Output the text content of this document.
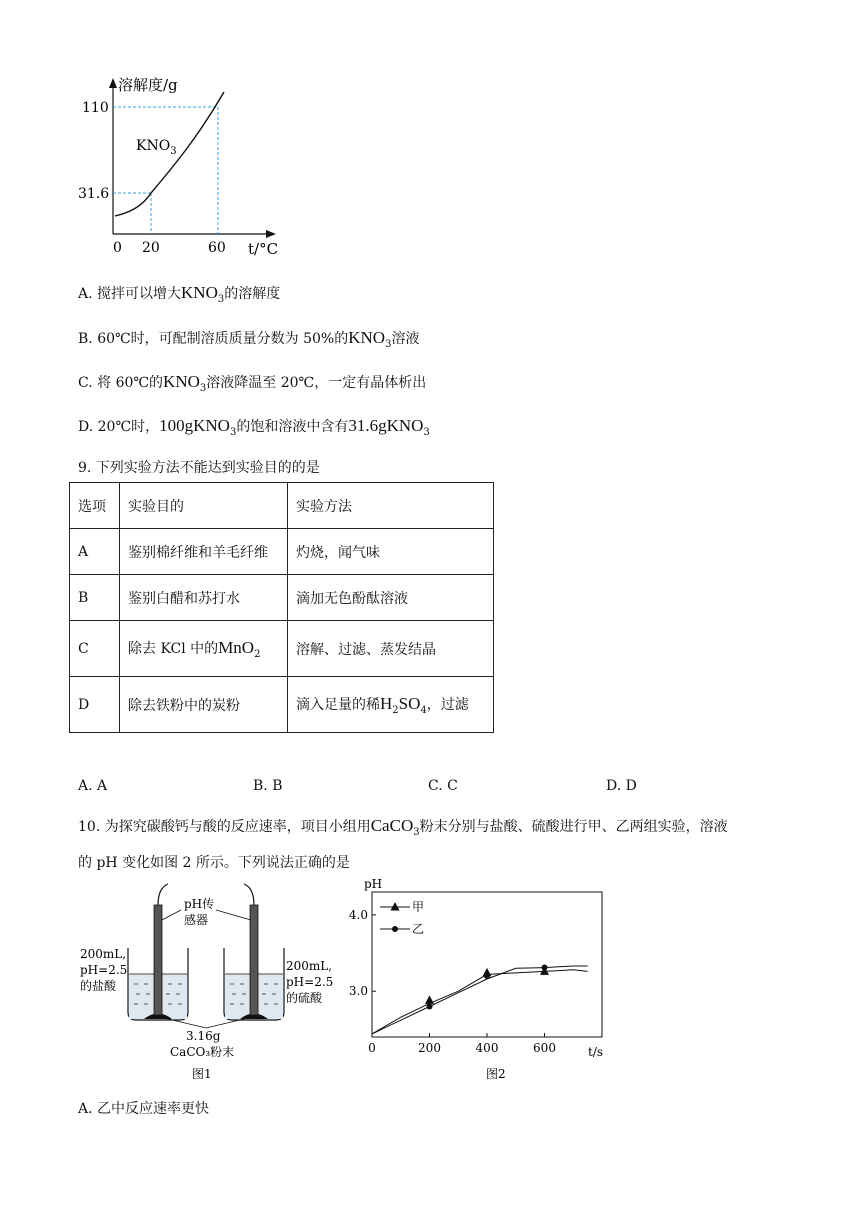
溶解度/g
110
31.6
0 20	60 t/°C
$KNO_3$
A. 搅拌可以增大$KNO_3$的溶解度
B. 60℃时，可配制溶质质量分数为 50%的$KNO_3$溶液
C. 将 60℃的$KNO_3$溶液降温至 20℃，一定有晶体析出
D. 20℃时，100gKNO$_3$的饱和溶液中含有31.6gKNO$_3$
9. 下列实验方法不能达到实验目的的是
选项	实验目的	实验方法
A	鉴别棉纤维和羊毛纤维	灼烧，闻气味
B	鉴别白醋和苏打水	滴加无色酚酞溶液
C	除去 KCl 中的MnO$_2$	溶解、过滤、蒸发结晶
D	除去铁粉中的炭粉	滴入足量的稀$H_2SO_4$，过滤
A. A	B. B	C. C	D. D
10. 为探究碳酸钙与酸的反应速率，项目小组用CaCO$_3$粉末分别与盐酸、硫酸进行甲、乙两组实验，溶液
的 pH 变化如图 2 所示。下列说法正确的是
pH传
感器
200mL,
pH=2.5
的盐酸
200mL,
pH=2.5
的硫酸
3.16g
CaCO₃粉末
图1
pH
t/s
图2
0	200	400	600
3.0
4.0
甲
乙
A. 乙中反应速率更快
